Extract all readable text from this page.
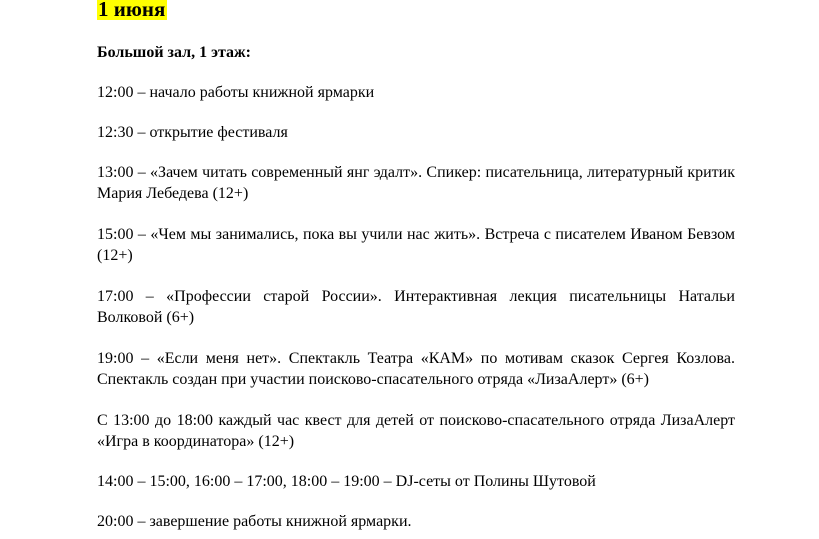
1 июня

Большой зал, 1 этаж:

12:00 – начало работы книжной ярмарки

12:30 – открытие фестиваля

13:00 – «Зачем читать современный янг эдалт». Спикер: писательница, литературный критик Мария Лебедева (12+)

15:00 – «Чем мы занимались, пока вы учили нас жить». Встреча с писателем Иваном Бевзом (12+)

17:00 – «Профессии старой России». Интерактивная лекция писательницы Натальи Волковой (6+)

19:00 – «Если меня нет». Спектакль Театра «КАМ» по мотивам сказок Сергея Козлова. Спектакль создан при участии поисково-спасательного отряда «ЛизаАлерт» (6+)

С 13:00 до 18:00 каждый час квест для детей от поисково-спасательного отряда ЛизаАлерт «Игра в координатора» (12+)

14:00 – 15:00, 16:00 – 17:00, 18:00 – 19:00 – DJ-сеты от Полины Шутовой

20:00 – завершение работы книжной ярмарки.
